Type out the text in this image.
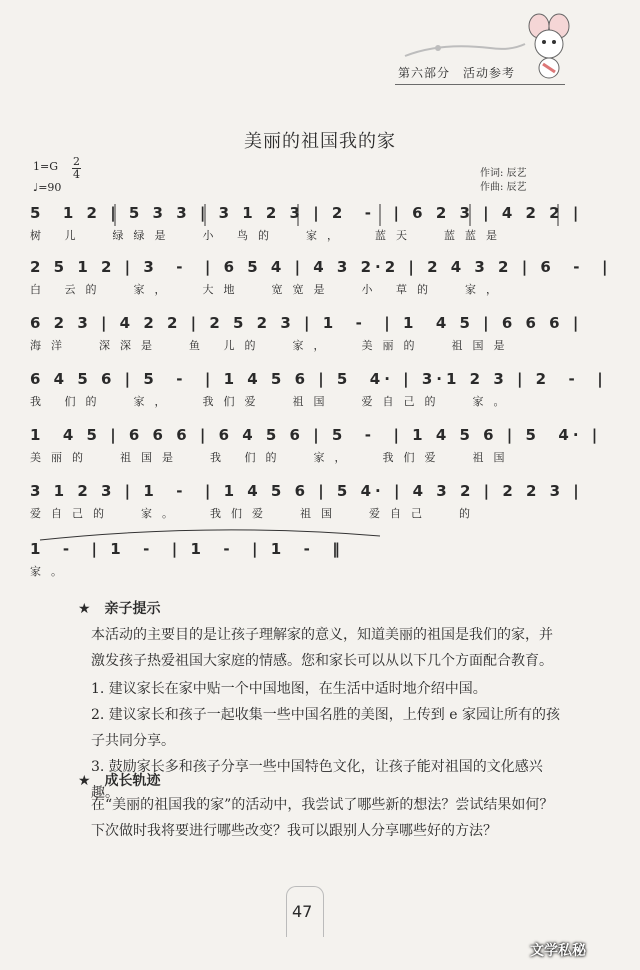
第六部分　活动参考
美丽的祖国我的家
1=G 2
4
♩=90
作词: 辰艺
作曲: 辰艺
5  1 2 | 5 3 3 | 3 1 2 3 | 2  -  | 6 2 3 | 4 2 2 |
树 儿  绿绿是  小 鸟的  家，  蓝天  蓝蓝是
2 5 1 2 | 3  -  | 6 5 4 | 4 3 2·2 | 2 4 3 2 | 6  -  |
白 云的  家，  大地  宽宽是  小 草的  家，
6 2 3 | 4 2 2 | 2 5 2 3 | 1  -  | 1  4 5 | 6 6 6 |
海洋  深深是  鱼 儿的  家，  美丽的  祖国是
6 4 5 6 | 5  -  | 1 4 5 6 | 5  4· | 3·1 2 3 | 2  -  |
我 们的  家，  我们爱  祖国  爱自己的  家。
1  4 5 | 6 6 6 | 6 4 5 6 | 5  -  | 1 4 5 6 | 5  4· |
美丽的  祖国是  我 们的  家，  我们爱  祖国
3 1 2 3 | 1  -  | 1 4 5 6 | 5 4· | 4 3 2 | 2 2 3 |
爱自己的  家。  我们爱  祖国  爱自己  的
1  -  | 1  -  | 1  -  | 1  -  ‖
家。
★　亲子提示
本活动的主要目的是让孩子理解家的意义，知道美丽的祖国是我们的家，并激发孩子热爱祖国大家庭的情感。您和家长可以从以下几个方面配合教育。
1. 建议家长在家中贴一个中国地图，在生活中适时地介绍中国。
2. 建议家长和孩子一起收集一些中国名胜的美图，上传到 e 家园让所有的孩子共同分享。
3. 鼓励家长多和孩子分享一些中国特色文化，让孩子能对祖国的文化感兴趣。
★　成长轨迹
在“美丽的祖国我的家”的活动中，我尝试了哪些新的想法？尝试结果如何？下次做时我将要进行哪些改变？我可以跟别人分享哪些好的方法？
47
文学私秘
